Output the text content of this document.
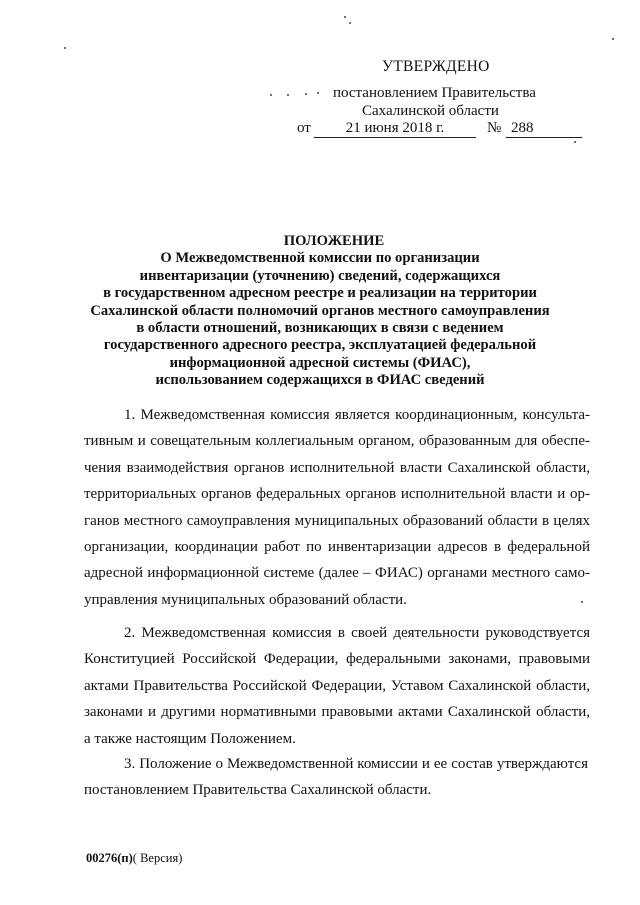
УТВЕРЖДЕНО
постановлением Правительства
Сахалинской области
от	21 июня 2018 г.	№ 288
ПОЛОЖЕНИЕ
О Межведомственной комиссии по организации
инвентаризации (уточнению) сведений, содержащихся
в государственном адресном реестре и реализации на территории
Сахалинской области полномочий органов местного самоуправления
в области отношений, возникающих в связи с ведением
государственного адресного реестра, эксплуатацией федеральной
информационной адресной системы (ФИАС),
использованием содержащихся в ФИАС сведений
1. Межведомственная комиссия является координационным, консульта-
тивным и совещательным коллегиальным органом, образованным для обеспе-
чения взаимодействия органов исполнительной власти Сахалинской области,
территориальных органов федеральных органов исполнительной власти и ор-
ганов местного самоуправления муниципальных образований области в целях
организации, координации работ по инвентаризации адресов в федеральной
адресной информационной системе (далее – ФИАС) органами местного само-
управления муниципальных образований области.
2. Межведомственная комиссия в своей деятельности руководствуется
Конституцией Российской Федерации, федеральными законами, правовыми
актами Правительства Российской Федерации, Уставом Сахалинской области,
законами и другими нормативными правовыми актами Сахалинской области,
а также настоящим Положением.
3. Положение о Межведомственной комиссии и ее состав утверждаются
постановлением Правительства Сахалинской области.
00276(п)( Версия)
